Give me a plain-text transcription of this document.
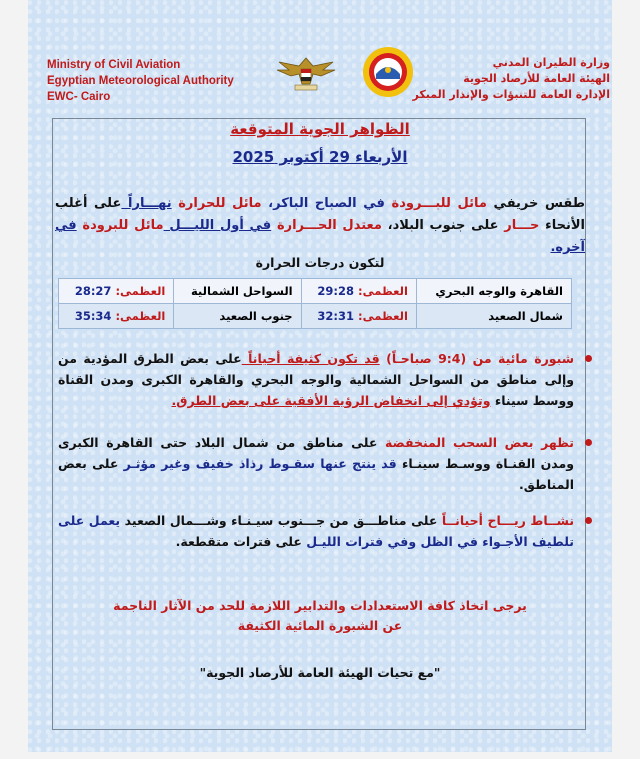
Ministry of Civil Aviation
Egyptian Meteorological Authority
EWC- Cairo
وزارة الطيران المدني
الهيئة العامة للأرصاد الجوية
الإدارة العامة للتنبؤات والإنذار المبكر
الظواهر الجوية المتوقعة
الأربعاء 29 أكتوبر 2025
طقس خريفي مائل للبـــرودة في الصباح الباكر، مائل للحرارة نهـــاراً على أغلب الأنحاء حـــار على جنوب البلاد، معتدل الحـــرارة في أول الليـــل مائل للبرودة في آخره.
لتكون درجات الحرارة
القاهرة والوجه البحري	العظمى: 29:28	السواحل الشمالية	العظمى: 28:27
شمال الصعيد	العظمى: 32:31	جنوب الصعيد	العظمى: 35:34
شبورة مائية من (9:4 صباحـاً) قد تكون كثيفة أحياناً على بعض الطرق المؤدية من وإلى مناطق من السواحل الشمالية والوجه البحري والقاهرة الكبرى ومدن القناة ووسط سيناء وتؤدي إلى انخفاض الرؤية الأفقية على بعض الطرق.
تظهر بعض السحب المنخفضة على مناطق من شمال البلاد حتى القاهرة الكبرى ومدن القنـاة ووسـط سينـاء قد ينتج عنها سقـوط رذاذ خفيف وغير مؤثـر على بعض المناطق.
نشــاط ريـــاح أحيانــاً على مناطـــق من جـــنوب سيـنـاء وشـــمال الصعيد يعمل على تلطيف الأجـواء في الظل وفي فترات الليـل على فترات متقطعة.
يرجى اتخاذ كافة الاستعدادات والتدابير اللازمة للحد من الآثار الناجمة
عن الشبورة المائية الكثيفة
"مع تحيات الهيئة العامة للأرصاد الجوية"
